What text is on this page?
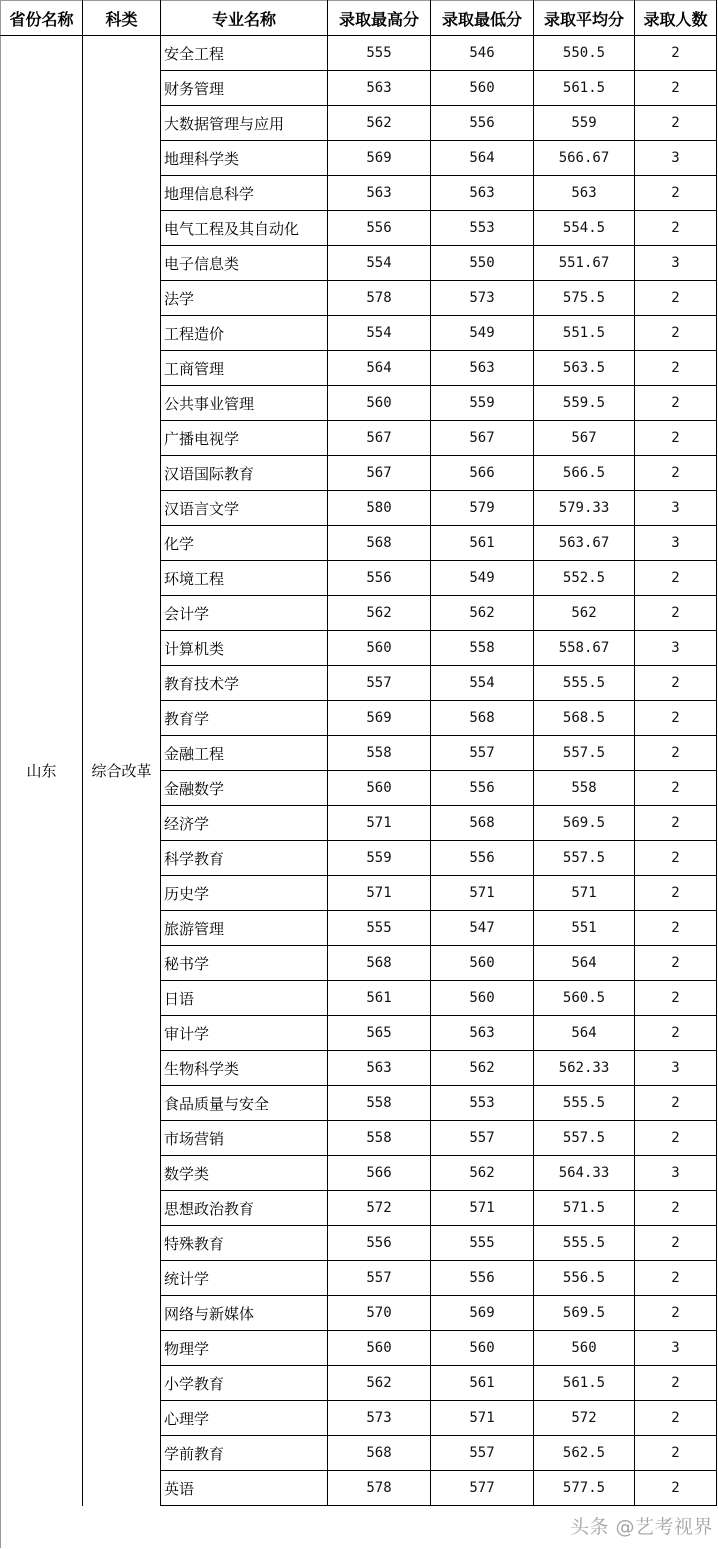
省份名称	科类	专业名称	录取最高分	录取最低分	录取平均分	录取人数
山东	综合改革	安全工程	555	546	550.5	2
		财务管理	563	560	561.5	2
		大数据管理与应用	562	556	559	2
		地理科学类	569	564	566.67	3
		地理信息科学	563	563	563	2
		电气工程及其自动化	556	553	554.5	2
		电子信息类	554	550	551.67	3
		法学	578	573	575.5	2
		工程造价	554	549	551.5	2
		工商管理	564	563	563.5	2
		公共事业管理	560	559	559.5	2
		广播电视学	567	567	567	2
		汉语国际教育	567	566	566.5	2
		汉语言文学	580	579	579.33	3
		化学	568	561	563.67	3
		环境工程	556	549	552.5	2
		会计学	562	562	562	2
		计算机类	560	558	558.67	3
		教育技术学	557	554	555.5	2
		教育学	569	568	568.5	2
		金融工程	558	557	557.5	2
		金融数学	560	556	558	2
		经济学	571	568	569.5	2
		科学教育	559	556	557.5	2
		历史学	571	571	571	2
		旅游管理	555	547	551	2
		秘书学	568	560	564	2
		日语	561	560	560.5	2
		审计学	565	563	564	2
		生物科学类	563	562	562.33	3
		食品质量与安全	558	553	555.5	2
		市场营销	558	557	557.5	2
		数学类	566	562	564.33	3
		思想政治教育	572	571	571.5	2
		特殊教育	556	555	555.5	2
		统计学	557	556	556.5	2
		网络与新媒体	570	569	569.5	2
		物理学	560	560	560	3
		小学教育	562	561	561.5	2
		心理学	573	571	572	2
		学前教育	568	557	562.5	2
		英语	578	577	577.5	2
头条 @艺考视界
